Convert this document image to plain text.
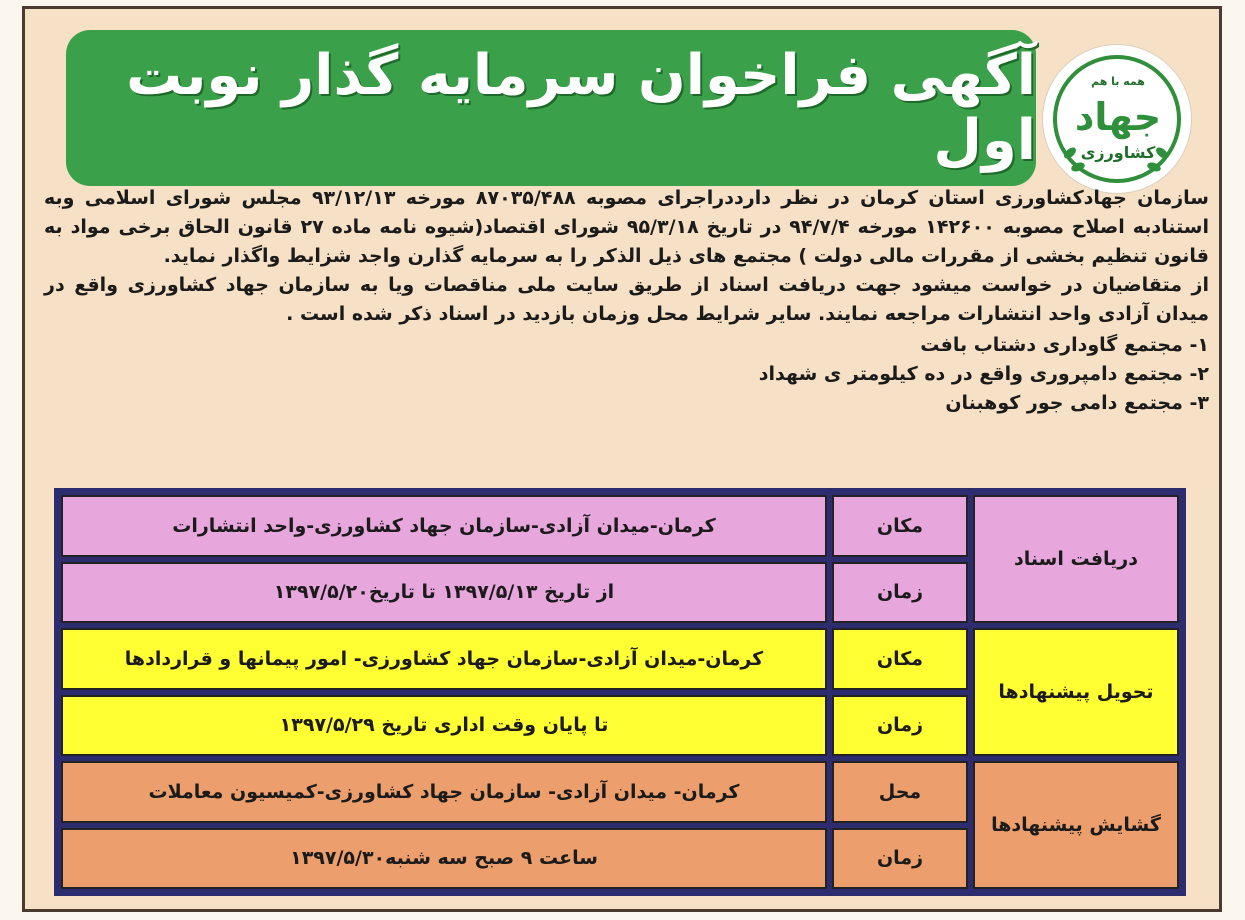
همه با هم
جهاد
کشاورزی
آگهی فراخوان سرمایه گذار نوبت اول

سازمان جهادکشاورزی استان کرمان در نظر دارددراجرای مصوبه ۸۷۰۳۵/۴۸۸ مورخه ۹۳/۱۲/۱۳ مجلس شورای اسلامی وبه استنادبه اصلاح مصوبه ۱۴۲۶۰۰ مورخه ۹۴/۷/۴ در تاریخ ۹۵/۳/۱۸ شورای اقتصاد(شیوه نامه ماده ۲۷ قانون الحاق برخی مواد به قانون تنظیم بخشی از مقررات مالی دولت ) مجتمع های ذیل الذکر را به سرمایه گذارن واجد شزایط واگذار نماید.

از متقاضیان در خواست میشود جهت دریافت اسناد از طریق سایت ملی مناقصات ویا به سازمان جهاد کشاورزی واقع در میدان آزادی واحد انتشارات مراجعه نمایند. سایر شرایط محل وزمان بازدید در اسناد ذکر شده است .

۱- مجتمع گاوداری دشتاب بافت
۲- مجتمع دامپروری واقع در ده کیلومتر ی شهداد
۳- مجتمع دامی جور کوهبنان
دریافت اسناد	مکان	کرمان-میدان آزادی-سازمان جهاد کشاورزی-واحد انتشارات
	زمان	از تاریخ ۱۳۹۷/۵/۱۳ تا تاریخ۱۳۹۷/۵/۲۰
تحویل پیشنهادها	مکان	کرمان-میدان آزادی-سازمان جهاد کشاورزی- امور پیمانها و قراردادها
	زمان	تا پایان وقت اداری تاریخ ۱۳۹۷/۵/۲۹
گشایش پیشنهادها	محل	کرمان- میدان آزادی- سازمان جهاد کشاورزی-کمیسیون معاملات
	زمان	ساعت ۹ صبح سه شنبه۱۳۹۷/۵/۳۰
